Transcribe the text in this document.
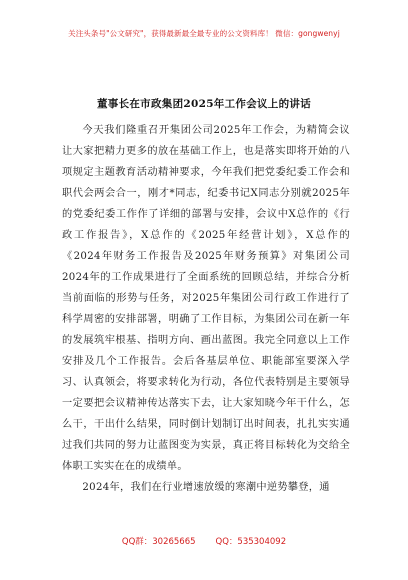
关注头条号"公文研究"，获得最新最全最专业的公文资料库！ 微信：gongwenyj
董事长在市政集团2025年工作会议上的讲话

今天我们隆重召开集团公司2025年工作会，为精简会议让大家把精力更多的放在基础工作上，也是落实即将开始的八项规定主题教育活动精神要求，今年我们把党委纪委工作会和职代会两会合一，刚才*同志，纪委书记X同志分别就2025年的党委纪委工作作了详细的部署与安排，会议中X总作的《行政工作报告》，X总作的《2025年经营计划》，X总作的《2024年财务工作报告及2025年财务预算》对集团公司2024年的工作成果进行了全面系统的回顾总结，并综合分析当前面临的形势与任务，对2025年集团公司行政工作进行了科学周密的安排部署，明确了工作目标，为集团公司在新一年的发展筑牢根基、指明方向、画出蓝图。我完全同意以上工作安排及几个工作报告。会后各基层单位、职能部室要深入学习、认真领会，将要求转化为行动，各位代表特别是主要领导一定要把会议精神传达落实下去，让大家知晓今年干什么，怎么干，干出什么结果，同时倒计划制订出时间表，扎扎实实通过我们共同的努力让蓝图变为实景，真正将目标转化为交给全体职工实实在在的成绩单。

2024年，我们在行业增速放缓的寒潮中逆势攀登，通

QQ群：30265665 QQ：535304092
